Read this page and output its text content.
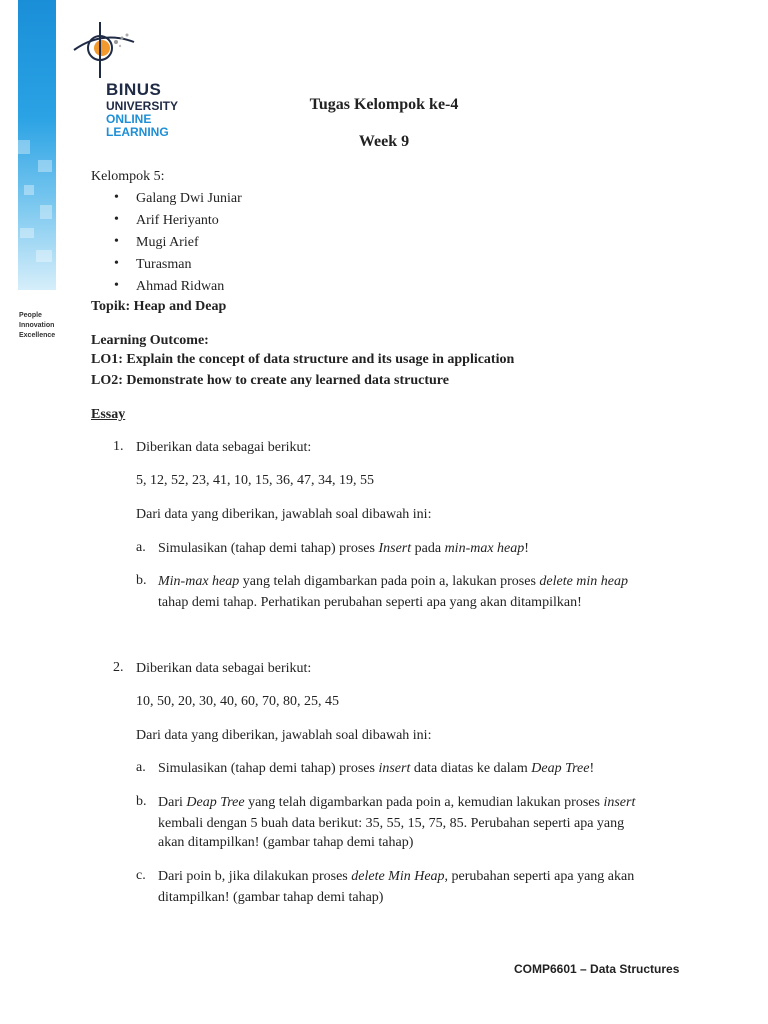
People
Innovation
Excellence
BINUS
UNIVERSITY
ONLINE
LEARNING
Tugas Kelompok ke-4
Week 9
Kelompok 5:
• Galang Dwi Juniar
• Arif Heriyanto
• Mugi Arief
• Turasman
• Ahmad Ridwan
Topik: Heap and Deap
Learning Outcome:
LO1: Explain the concept of data structure and its usage in application
LO2: Demonstrate how to create any learned data structure
Essay
1. Diberikan data sebagai berikut:
5, 12, 52, 23, 41, 10, 15, 36, 47, 34, 19, 55
Dari data yang diberikan, jawablah soal dibawah ini:
a. Simulasikan (tahap demi tahap) proses Insert pada min-max heap!
b. Min-max heap yang telah digambarkan pada poin a, lakukan proses delete min heap
tahap demi tahap. Perhatikan perubahan seperti apa yang akan ditampilkan!
2. Diberikan data sebagai berikut:
10, 50, 20, 30, 40, 60, 70, 80, 25, 45
Dari data yang diberikan, jawablah soal dibawah ini:
a. Simulasikan (tahap demi tahap) proses insert data diatas ke dalam Deap Tree!
b. Dari Deap Tree yang telah digambarkan pada poin a, kemudian lakukan proses insert
kembali dengan 5 buah data berikut: 35, 55, 15, 75, 85. Perubahan seperti apa yang
akan ditampilkan! (gambar tahap demi tahap)
c. Dari poin b, jika dilakukan proses delete Min Heap, perubahan seperti apa yang akan
ditampilkan! (gambar tahap demi tahap)
COMP6601 – Data Structures
